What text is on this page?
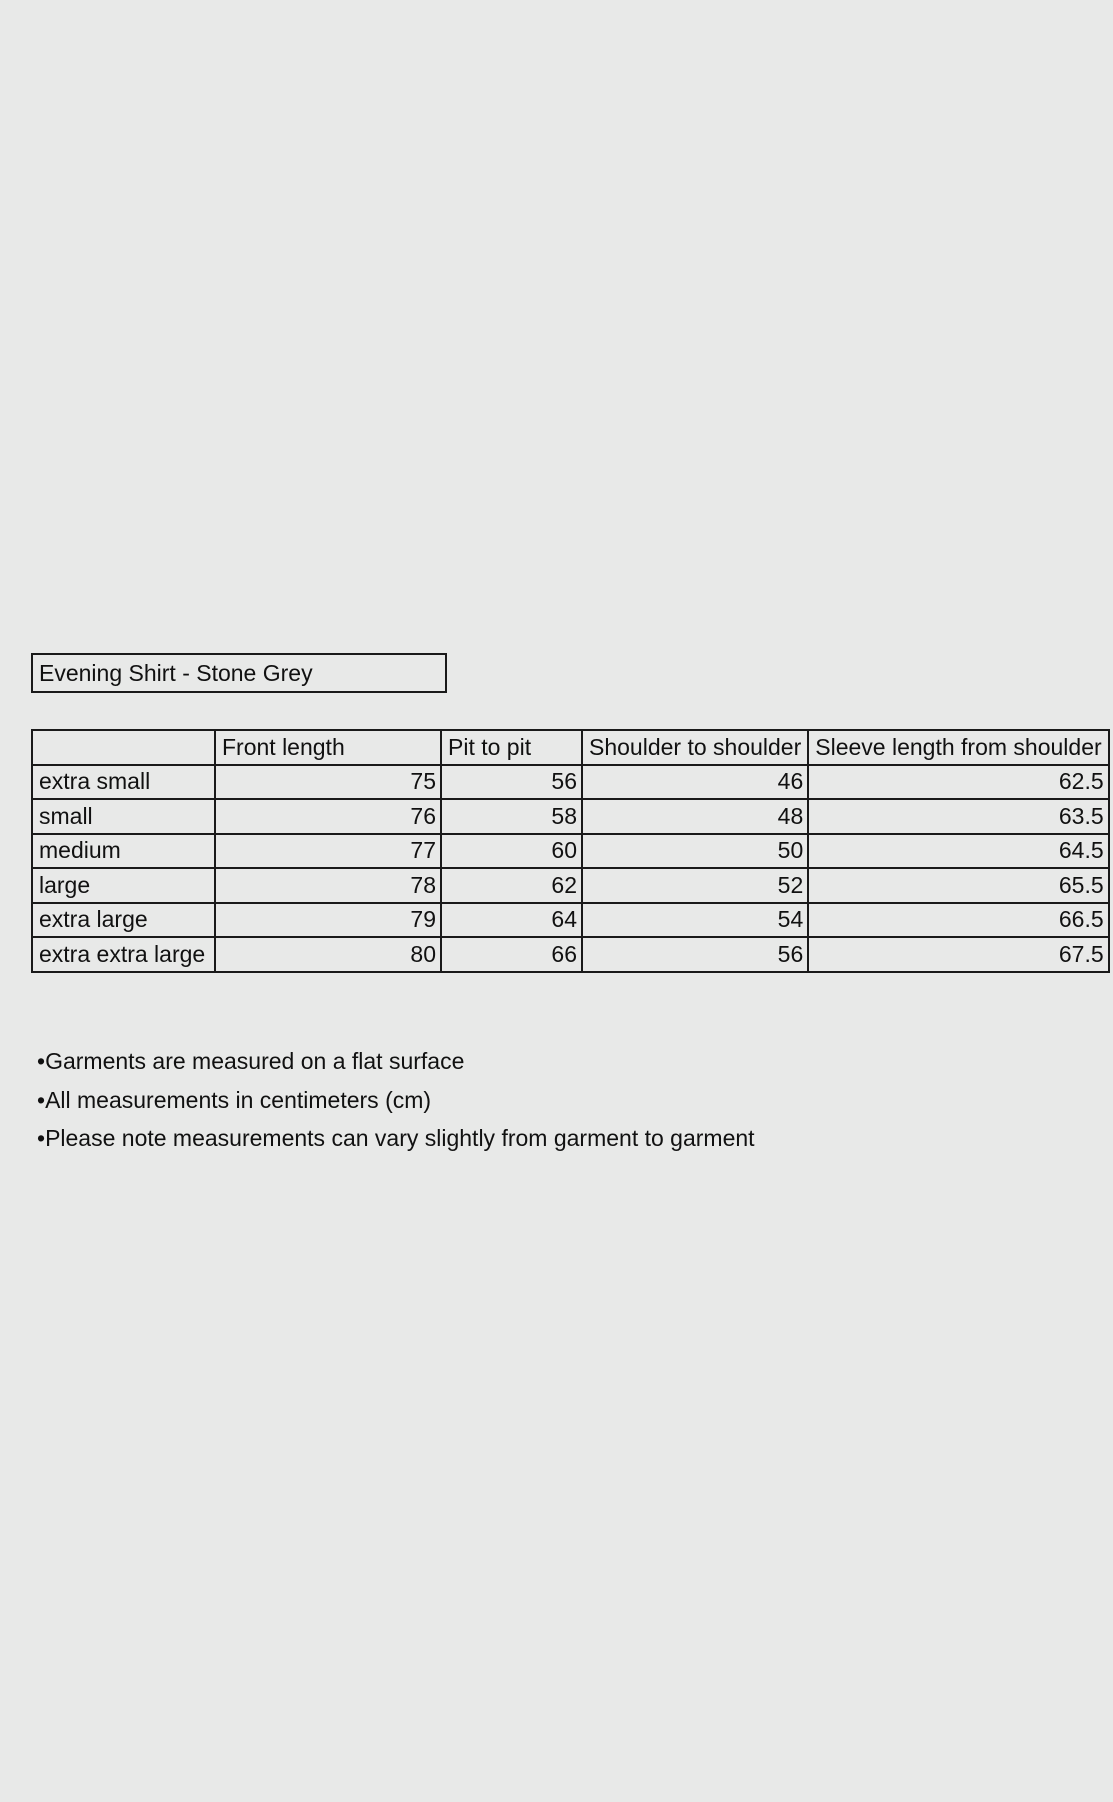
Evening Shirt - Stone Grey
	Front length	Pit to pit	Shoulder to shoulder	Sleeve length from shoulder
extra small	75	56	46	62.5
small	76	58	48	63.5
medium	77	60	50	64.5
large	78	62	52	65.5
extra large	79	64	54	66.5
extra extra large	80	66	56	67.5
• Garments are measured on a flat surface
• All measurements in centimeters (cm)
• Please note measurements can vary slightly from garment to garment
